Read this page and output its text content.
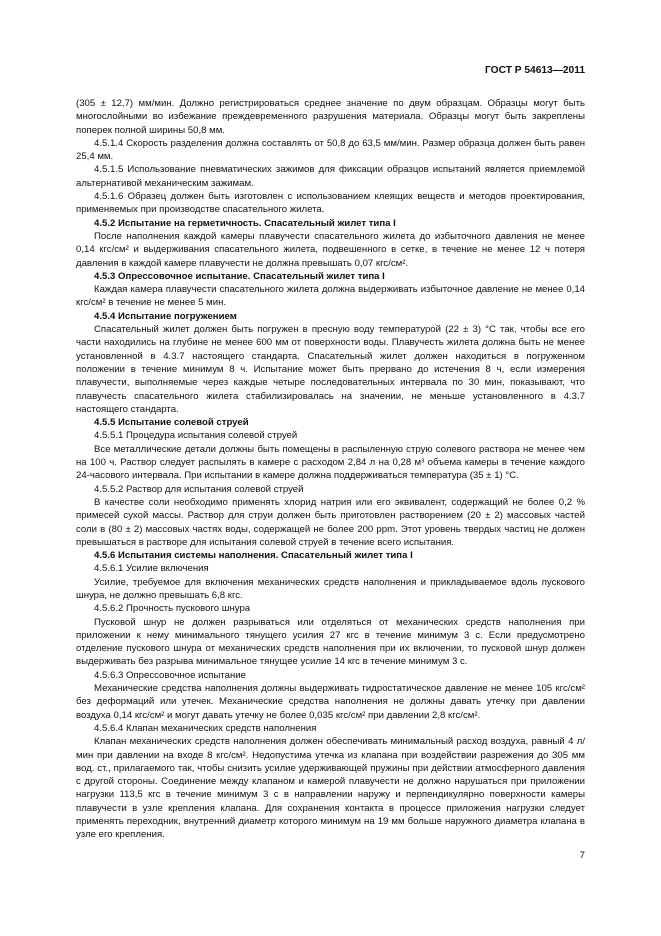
ГОСТ Р 54613—2011

(305 ± 12,7) мм/мин. Должно регистрироваться среднее значение по двум образцам. Образцы могут быть многослойными во избежание преждевременного разрушения материала. Образцы могут быть закреплены поперек полной ширины 50,8 мм.

4.5.1.4 Скорость разделения должна составлять от 50,8 до 63,5 мм/мин. Размер образца должен быть равен 25,4 мм.

4.5.1.5 Использование пневматических зажимов для фиксации образцов испытаний является приемлемой альтернативой механическим зажимам.

4.5.1.6 Образец должен быть изготовлен с использованием клеящих веществ и методов проектирования, применяемых при производстве спасательного жилета.

4.5.2 Испытание на герметичность. Спасательный жилет типа I

После наполнения каждой камеры плавучести спасательного жилета до избыточного давления не менее 0,14 кгс/см² и выдерживания спасательного жилета, подвешенного в сетке, в течение не менее 12 ч потеря давления в каждой камере плавучести не должна превышать 0,07 кгс/см².

4.5.3 Опрессовочное испытание. Спасательный жилет типа I

Каждая камера плавучести спасательного жилета должна выдерживать избыточное давление не менее 0,14 кгс/см² в течение не менее 5 мин.

4.5.4 Испытание погружением

Спасательный жилет должен быть погружен в пресную воду температурой (22 ± 3) °С так, чтобы все его части находились на глубине не менее 600 мм от поверхности воды. Плавучесть жилета должна быть не менее установленной в 4.3.7 настоящего стандарта. Спасательный жилет должен находиться в погруженном положении в течение минимум 8 ч. Испытание может быть прервано до истечения 8 ч, если измерения плавучести, выполняемые через каждые четыре последовательных интервала по 30 мин, показывают, что плавучесть спасательного жилета стабилизировалась на значении, не меньше установленного в 4.3.7 настоящего стандарта.

4.5.5 Испытание солевой струей

4.5.5.1 Процедура испытания солевой струей

Все металлические детали должны быть помещены в распыленную струю солевого раствора не менее чем на 100 ч. Раствор следует распылять в камере с расходом 2,84 л на 0,28 м³ объема камеры в течение каждого 24-часового интервала. При испытании в камере должна поддерживаться температура (35 ± 1) °С.

4.5.5.2 Раствор для испытания солевой струей

В качестве соли необходимо применять хлорид натрия или его эквивалент, содержащий не более 0,2 % примесей сухой массы. Раствор для струи должен быть приготовлен растворением (20 ± 2) массовых частей соли в (80 ± 2) массовых частях воды, содержащей не более 200 ppm. Этот уровень твердых частиц не должен превышаться в растворе для испытания солевой струей в течение всего испытания.

4.5.6 Испытания системы наполнения. Спасательный жилет типа I

4.5.6.1 Усилие включения

Усилие, требуемое для включения механических средств наполнения и прикладываемое вдоль пускового шнура, не должно превышать 6,8 кгс.

4.5.6.2 Прочность пускового шнура

Пусковой шнур не должен разрываться или отделяться от механических средств наполнения при приложении к нему минимального тянущего усилия 27 кгс в течение минимум 3 с. Если предусмотрено отделение пускового шнура от механических средств наполнения при их включении, то пусковой шнур должен выдерживать без разрыва минимальное тянущее усилие 14 кгс в течение минимум 3 с.

4.5.6.3 Опрессовочное испытание

Механические средства наполнения должны выдерживать гидростатическое давление не менее 105 кгс/см² без деформаций или утечек. Механические средства наполнения не должны давать утечку при давлении воздуха 0,14 кгс/см² и могут давать утечку не более 0,035 кгс/см² при давлении 2,8 кгс/см².

4.5.6.4 Клапан механических средств наполнения

Клапан механических средств наполнения должен обеспечивать минимальный расход воздуха, равный 4 л/мин при давлении на входе 8 кгс/см². Недопустима утечка из клапана при воздействии разрежения до 305 мм вод. ст., прилагаемого так, чтобы снизить усилие удерживающей пружины при действии атмосферного давления с другой стороны. Соединение между клапаном и камерой плавучести не должно нарушаться при приложении нагрузки 113,5 кгс в течение минимум 3 с в направлении наружу и перпендикулярно поверхности камеры плавучести в узле крепления клапана. Для сохранения контакта в процессе приложения нагрузки следует применять переходник, внутренний диаметр которого минимум на 19 мм больше наружного диаметра клапана в узле его крепления.

7
